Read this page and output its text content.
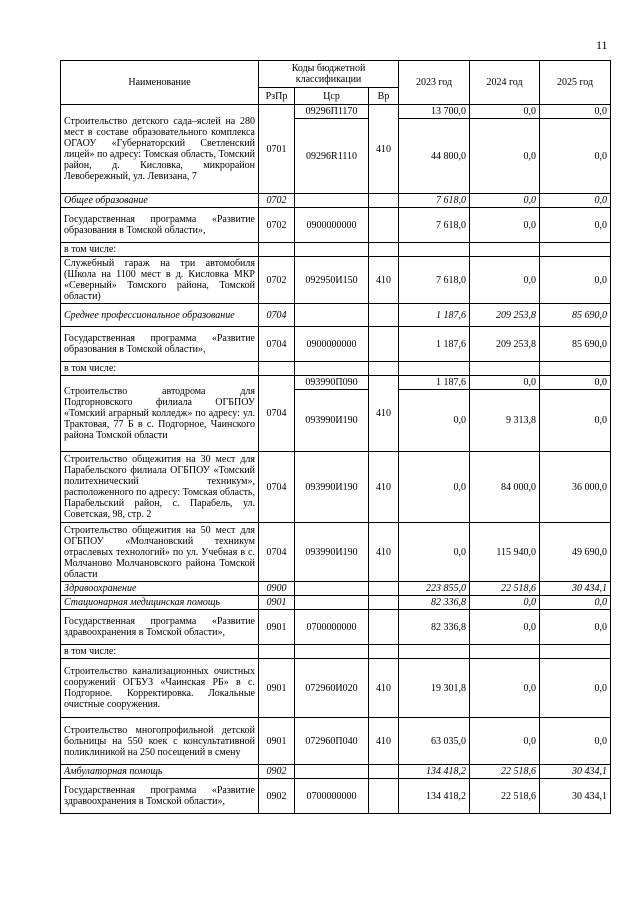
11
Наименование	Коды бюджетной классификации			2023 год	2024 год	2025 год
	РзПр	Цср	Вр			
Строительство детского сада–яслей на 280 мест в составе образовательного комплекса ОГАОУ «Губернаторский Светленский лицей» по адресу: Томская область, Томский район, д. Кисловка, микрорайон Левобережный, ул. Левизана, 7	0701	09296П1170	410	13 700,0	0,0	0,0
		09296R1110		44 800,0	0,0	0,0
Общее образование	0702			7 618,0	0,0	0,0
Государственная программа «Развитие образования в Томской области»,	0702	0900000000		7 618,0	0,0	0,0
в том числе:						
Служебный гараж на три автомобиля (Школа на 1100 мест в д. Кисловка МКР «Северный» Томского района, Томской области)	0702	092950И150	410	7 618,0	0,0	0,0
Среднее профессиональное образование	0704			1 187,6	209 253,8	85 690,0
Государственная программа «Развитие образования в Томской области»,	0704	0900000000		1 187,6	209 253,8	85 690,0
в том числе:						
Строительство автодрома для Подгорновского филиала ОГБПОУ «Томский аграрный колледж» по адресу: ул. Трактовая, 77 Б в с. Подгорное, Чаинского района Томской области	0704	093990П090	410	1 187,6	0,0	0,0
		093990И190		0,0	9 313,8	0,0
Строительство общежития на 30 мест для Парабельского филиала ОГБПОУ «Томский политехнический техникум», расположенного по адресу: Томская область, Парабельский район, с. Парабель, ул. Советская, 98, стр. 2	0704	093990И190	410	0,0	84 000,0	36 000,0
Строительство общежития на 50 мест для ОГБПОУ «Молчановский техникум отраслевых технологий» по ул. Учебная в с. Молчаново Молчановского района Томской области	0704	093990И190	410	0,0	115 940,0	49 690,0
Здравоохранение	0900			223 855,0	22 518,6	30 434,1
Стационарная медицинская помощь	0901			82 336,8	0,0	0,0
Государственная программа «Развитие здравоохранения в Томской области»,	0901	0700000000		82 336,8	0,0	0,0
в том числе:						
Строительство канализационных очистных сооружений ОГБУЗ «Чаинская РБ» в с. Подгорное. Корректировка. Локальные очистные сооружения.	0901	072960И020	410	19 301,8	0,0	0,0
Строительство многопрофильной детской больницы на 550 коек с консультативной поликлиникой на 250 посещений в смену	0901	072960П040	410	63 035,0	0,0	0,0
Амбулаторная помощь	0902			134 418,2	22 518,6	30 434,1
Государственная программа «Развитие здравоохранения в Томской области»,	0902	0700000000		134 418,2	22 518,6	30 434,1
